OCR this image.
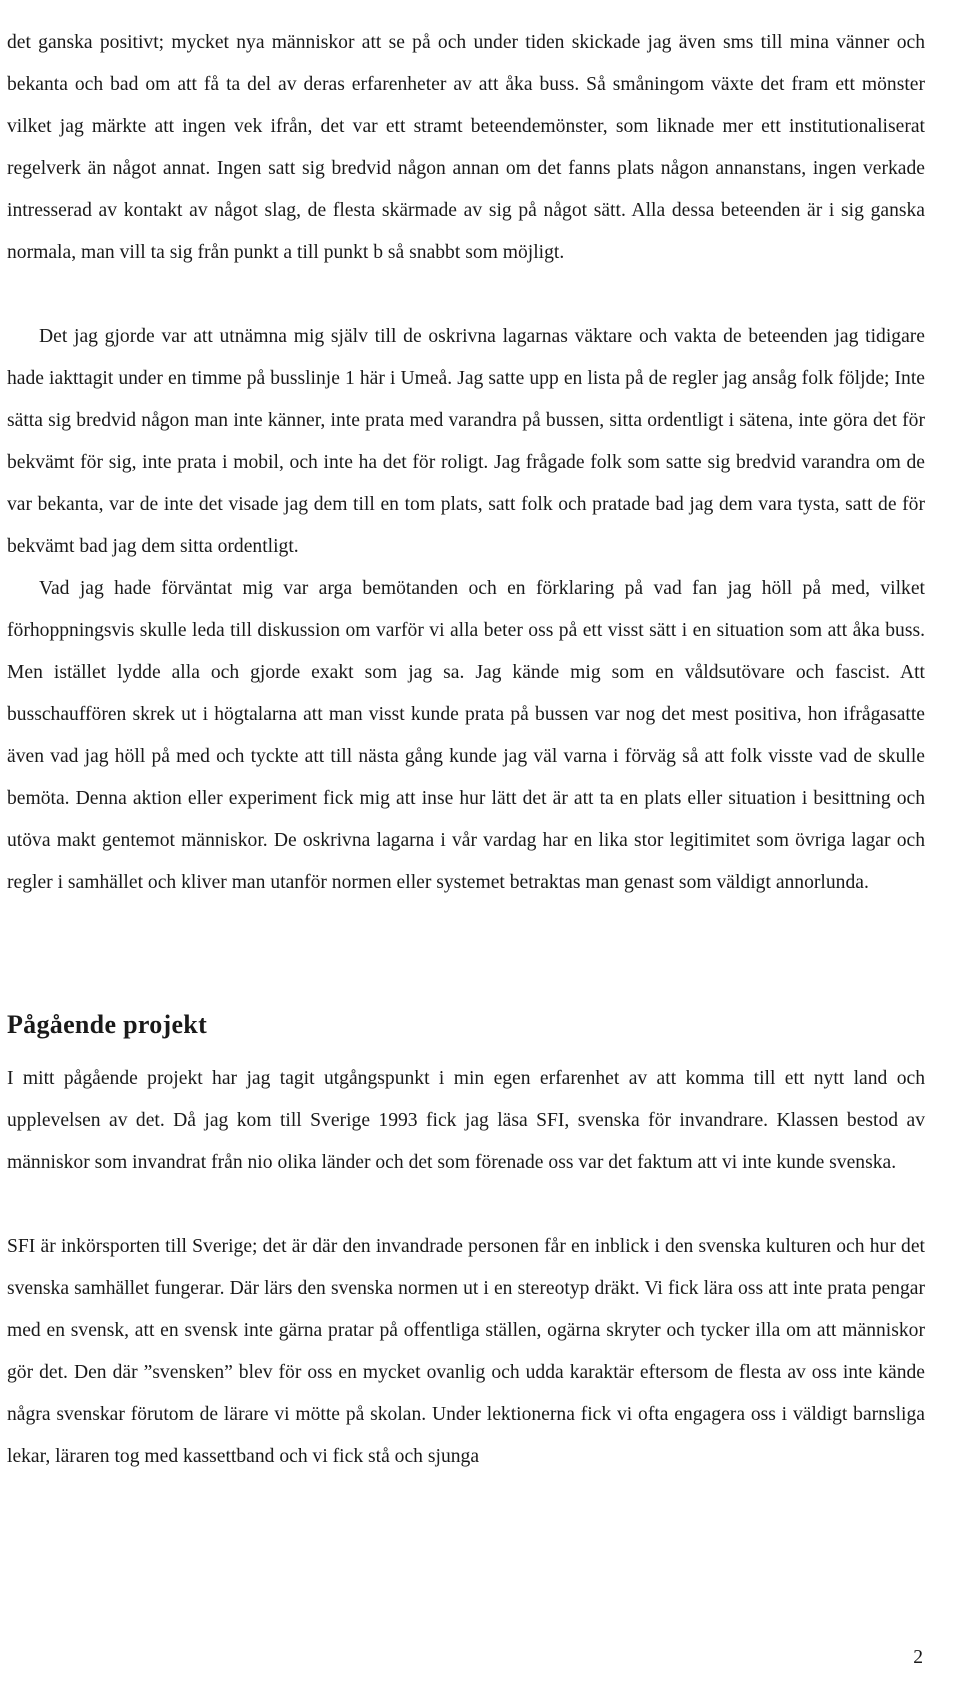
det ganska positivt; mycket nya människor att se på och under tiden skickade jag även sms till mina vänner och bekanta och bad om att få ta del av deras erfarenheter av att åka buss. Så småningom växte det fram ett mönster vilket jag märkte att ingen vek ifrån, det var ett stramt beteendemönster, som liknade mer ett institutionaliserat regelverk än något annat. Ingen satt sig bredvid någon annan om det fanns plats någon annanstans, ingen verkade intresserad av kontakt av något slag, de flesta skärmade av sig på något sätt. Alla dessa beteenden är i sig ganska normala, man vill ta sig från punkt a till punkt b så snabbt som möjligt.

Det jag gjorde var att utnämna mig själv till de oskrivna lagarnas väktare och vakta de beteenden jag tidigare hade iakttagit under en timme på busslinje 1 här i Umeå. Jag satte upp en lista på de regler jag ansåg folk följde; Inte sätta sig bredvid någon man inte känner, inte prata med varandra på bussen, sitta ordentligt i sätena, inte göra det för bekvämt för sig, inte prata i mobil, och inte ha det för roligt. Jag frågade folk som satte sig bredvid varandra om de var bekanta, var de inte det visade jag dem till en tom plats, satt folk och pratade bad jag dem vara tysta, satt de för bekvämt bad jag dem sitta ordentligt.

Vad jag hade förväntat mig var arga bemötanden och en förklaring på vad fan jag höll på med, vilket förhoppningsvis skulle leda till diskussion om varför vi alla beter oss på ett visst sätt i en situation som att åka buss. Men istället lydde alla och gjorde exakt som jag sa. Jag kände mig som en våldsutövare och fascist. Att busschauffören skrek ut i högtalarna att man visst kunde prata på bussen var nog det mest positiva, hon ifrågasatte även vad jag höll på med och tyckte att till nästa gång kunde jag väl varna i förväg så att folk visste vad de skulle bemöta. Denna aktion eller experiment fick mig att inse hur lätt det är att ta en plats eller situation i besittning och utöva makt gentemot människor. De oskrivna lagarna i vår vardag har en lika stor legitimitet som övriga lagar och regler i samhället och kliver man utanför normen eller systemet betraktas man genast som väldigt annorlunda.

Pågående projekt

I mitt pågående projekt har jag tagit utgångspunkt i min egen erfarenhet av att komma till ett nytt land och upplevelsen av det. Då jag kom till Sverige 1993 fick jag läsa SFI, svenska för invandrare. Klassen bestod av människor som invandrat från nio olika länder och det som förenade oss var det faktum att vi inte kunde svenska.

SFI är inkörsporten till Sverige; det är där den invandrade personen får en inblick i den svenska kulturen och hur det svenska samhället fungerar. Där lärs den svenska normen ut i en stereotyp dräkt. Vi fick lära oss att inte prata pengar med en svensk, att en svensk inte gärna pratar på offentliga ställen, ogärna skryter och tycker illa om att människor gör det. Den där ”svensken” blev för oss en mycket ovanlig och udda karaktär eftersom de flesta av oss inte kände några svenskar förutom de lärare vi mötte på skolan. Under lektionerna fick vi ofta engagera oss i väldigt barnsliga lekar, läraren tog med kassettband och vi fick stå och sjunga

2
